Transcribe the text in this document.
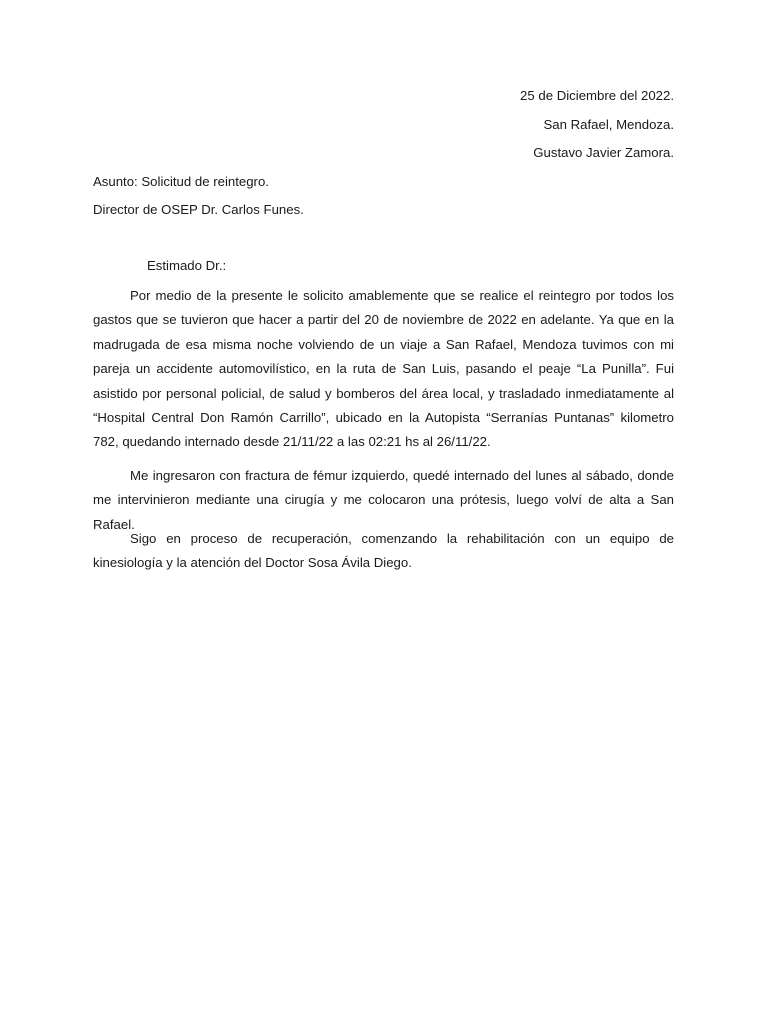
25 de Diciembre del 2022.
San Rafael, Mendoza.
Gustavo Javier Zamora.
Asunto: Solicitud de reintegro.
Director de OSEP Dr. Carlos Funes.
Estimado Dr.:

Por medio de la presente le solicito amablemente que se realice el reintegro por todos los gastos que se tuvieron que hacer a partir del 20 de noviembre de 2022 en adelante. Ya que en la madrugada de esa misma noche volviendo de un viaje a San Rafael, Mendoza tuvimos con mi pareja un accidente automovilístico, en la ruta de San Luis, pasando el peaje “La Punilla”. Fui asistido por personal policial, de salud y bomberos del área local, y trasladado inmediatamente al “Hospital Central Don Ramón Carrillo”, ubicado en la Autopista “Serranías Puntanas” kilometro 782, quedando internado desde 21/11/22 a las 02:21 hs al 26/11/22.

Me ingresaron con fractura de fémur izquierdo, quedé internado del lunes al sábado, donde me intervinieron mediante una cirugía y me colocaron una prótesis, luego volví de alta a San Rafael.

Sigo en proceso de recuperación, comenzando la rehabilitación con un equipo de kinesiología y la atención del Doctor Sosa Ávila Diego.
